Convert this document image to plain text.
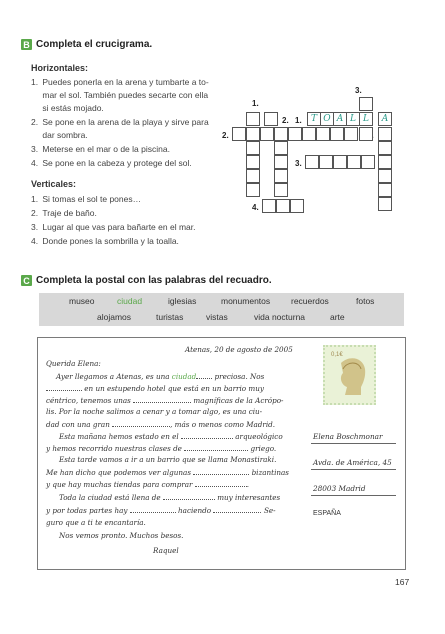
B Completa el crucigrama.
Horizontales:
1. Puedes ponerla en la arena y tumbarte a to-
mar el sol. También puedes secarte con ella
si estás mojado.
2. Se pone en la arena de la playa y sirve para
dar sombra.
3. Meterse en el mar o de la piscina.
4. Se pone en la cabeza y protege del sol.
Verticales:
1. Si tomas el sol te pones…
2. Traje de baño.
3. Lugar al que vas para bañarte en el mar.
4. Donde pones la sombrilla y la toalla.
1.
1.
2.
3.
2.
3.
4.
T O A L L	A
C Completa la postal con las palabras del recuadro.
museo	ciudad	iglesias	monumentos recuerdos	fotos
alojamos	turistas	vistas	vida nocturna	arte
Atenas, 20 de agosto de 2005
Querida Elena:
Ayer llegamos a Atenas, es una ciudad preciosa. Nos
en un estupendo hotel que está en un barrio muy
céntrico, tenemos unas	magníficas de la Acrópo-
lis. Por la noche salimos a cenar y a tomar algo, es una ciu-
dad con una gran	, más o menos como Madrid.
Esta mañana hemos estado en el	arqueológico
y hemos recorrido nuestras clases de	griego.
Esta tarde vamos a ir a un barrio que se llama Monastiraki.
Me han dicho que podemos ver algunas	bizantinas
y que hay muchas tiendas para comprar	.
Toda la ciudad está llena de	muy interesantes
y por todas partes hay	haciendo	. Se-
guro que a ti te encantaría.
Nos vemos pronto. Muchos besos.
Raquel
0,1€
Elena Boschmonar
Avda. de América, 45
28003 Madrid
ESPAÑA
167
